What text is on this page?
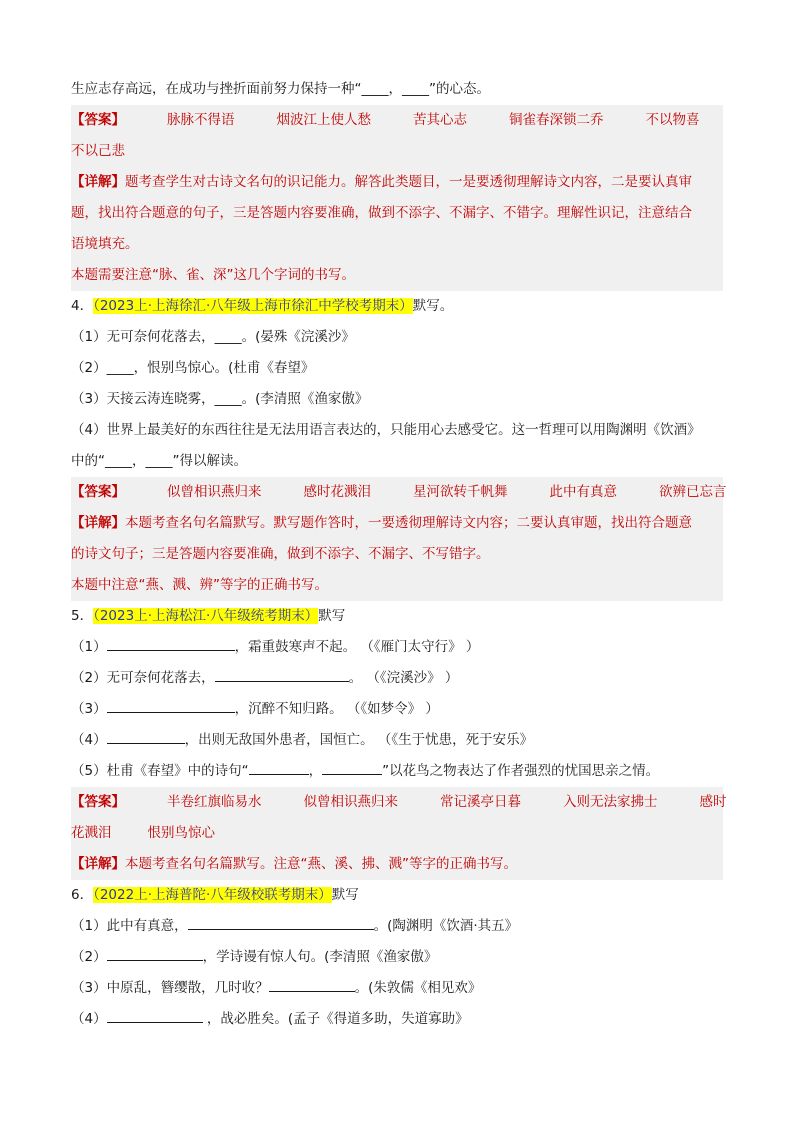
生应志存高远，在成功与挫折面前努力保持一种“____，____”的心态。
【答案】	脉脉不得语	烟波江上使人愁	苦其心志	铜雀春深锁二乔	不以物喜
不以己悲
【详解】题考查学生对古诗文名句的识记能力。解答此类题目，一是要透彻理解诗文内容，二是要认真审
题，找出符合题意的句子，三是答题内容要准确，做到不添字、不漏字、不错字。理解性识记，注意结合
语境填充。
本题需要注意“脉、雀、深”这几个字词的书写。
4．（2023上·上海徐汇·八年级上海市徐汇中学校考期末）默写。
（1）无可奈何花落去，____。(晏殊《浣溪沙》
（2）____，恨别鸟惊心。(杜甫《春望》
（3）天接云涛连晓雾，____。(李清照《渔家傲》
（4）世界上最美好的东西往往是无法用语言表达的，只能用心去感受它。这一哲理可以用陶渊明《饮酒》
中的“____，____”得以解读。
【答案】	似曾相识燕归来	感时花溅泪	星河欲转千帆舞	此中有真意	欲辨已忘言
【详解】本题考查名句名篇默写。默写题作答时，一要透彻理解诗文内容；二要认真审题，找出符合题意
的诗文句子；三是答题内容要准确，做到不添字、不漏字、不写错字。
本题中注意“燕、溅、辨”等字的正确书写。
5．（2023上·上海松江·八年级统考期末）默写
（1）	，霜重鼓寒声不起。 （《雁门太守行》 ）
（2）无可奈何花落去，	。 （《浣溪沙》 ）
（3）	，沉醉不知归路。 （《如梦令》 ）
（4）	，出则无敌国外患者，国恒亡。 （《生于忧患，死于安乐》
（5）杜甫《春望》中的诗句“	，	”以花鸟之物表达了作者强烈的忧国思亲之情。
【答案】	半卷红旗临易水	似曾相识燕归来	常记溪亭日暮	入则无法家拂士	感时
花溅泪	恨别鸟惊心
【详解】本题考查名句名篇默写。注意“燕、溪、拂、溅”等字的正确书写。
6．（2022上·上海普陀·八年级校联考期末）默写
（1）此中有真意，	。(陶渊明《饮酒·其五》
（2）	，学诗谩有惊人句。(李清照《渔家傲》
（3）中原乱，簪缨散，几时收？	。(朱敦儒《相见欢》
（4）	，战必胜矣。(孟子《得道多助，失道寡助》
